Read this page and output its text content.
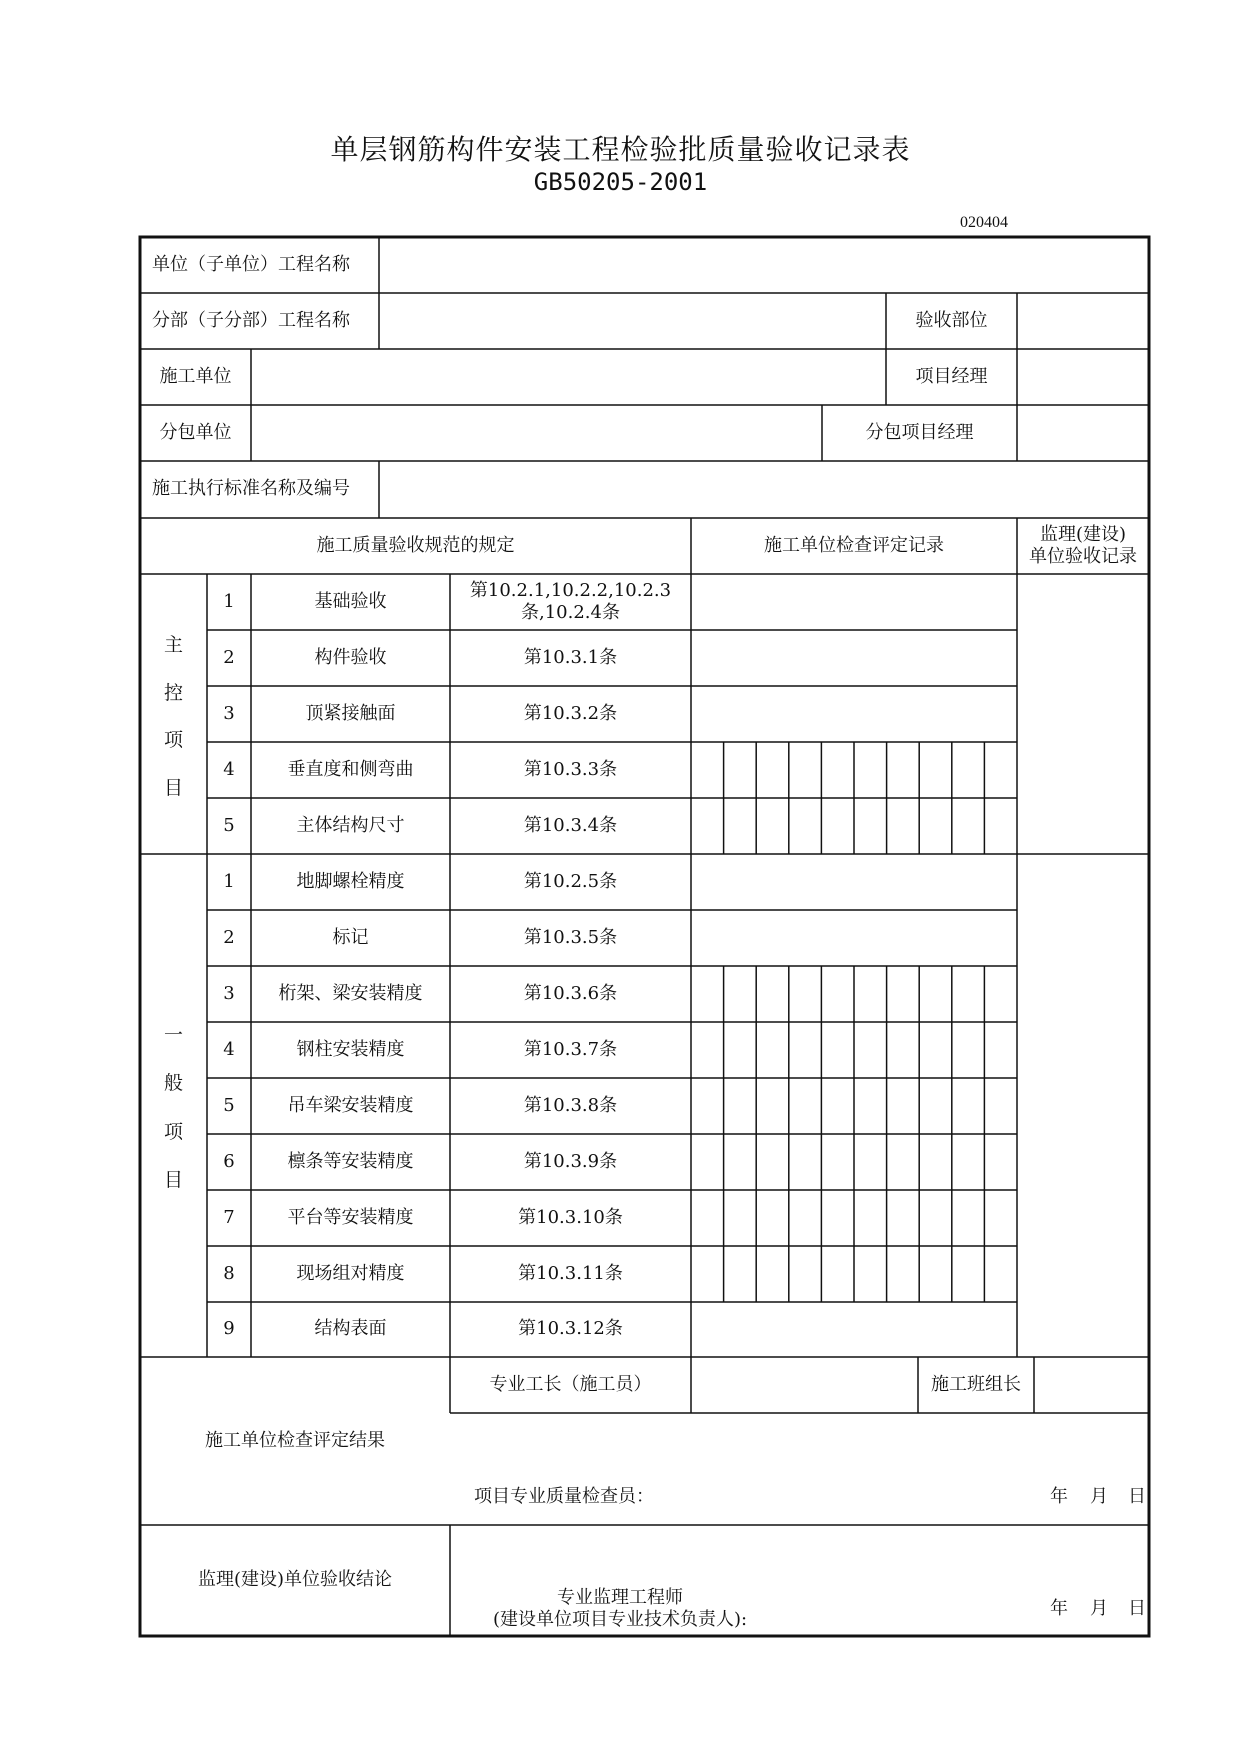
单层钢筋构件安装工程检验批质量验收记录表
GB50205-2001
020404
单位（子单位）工程名称
分部（子分部）工程名称	验收部位
施工单位	项目经理
分包单位	分包项目经理
施工执行标准名称及编号
施工质量验收规范的规定	施工单位检查评定记录
监理(建设)
单位验收记录
主
控
项
目
1	基础验收
第10.2.1,10.2.2,10.2.3
条,10.2.4条
2	构件验收	第10.3.1条
3	顶紧接触面	第10.3.2条
4	垂直度和侧弯曲	第10.3.3条
5	主体结构尺寸	第10.3.4条
一
般
项
目
1	地脚螺栓精度	第10.2.5条
2	标记	第10.3.5条
3	桁架、梁安装精度	第10.3.6条
4	钢柱安装精度	第10.3.7条
5	吊车梁安装精度	第10.3.8条
6	檩条等安装精度	第10.3.9条
7	平台等安装精度	第10.3.10条
8	现场组对精度	第10.3.11条
9	结构表面	第10.3.12条
施工单位检查评定结果
专业工长（施工员）	施工班组长
项目专业质量检查员：	年 月 日
监理(建设)单位验收结论
专业监理工程师
(建设单位项目专业技术负责人):
年 月 日
